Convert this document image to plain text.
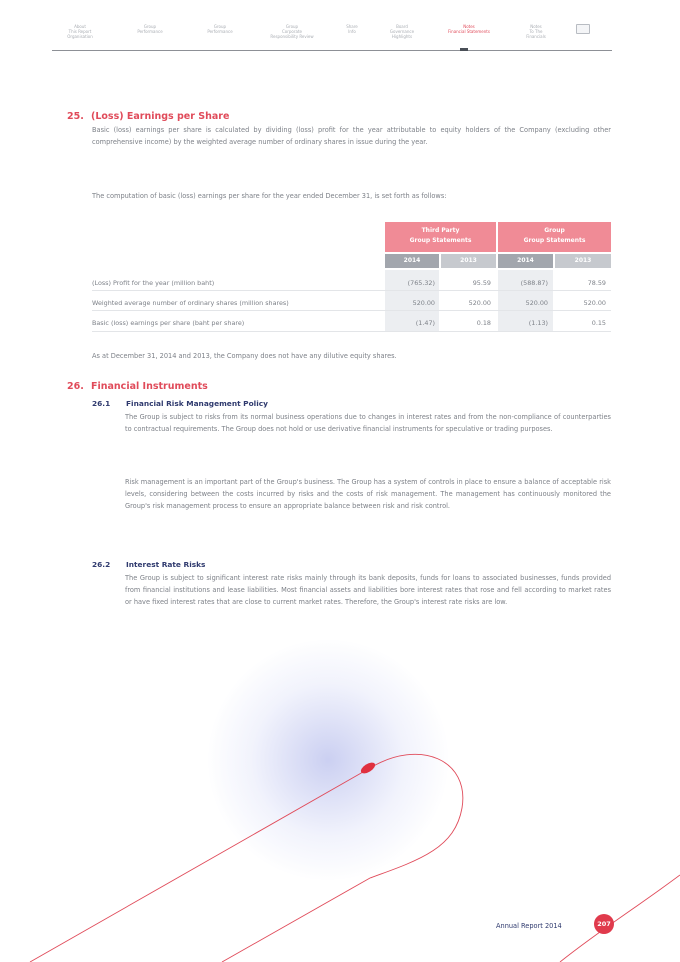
About
This Report
Organisation
Group
Performance
Group
Performance
Group
Corporate
Responsibility Review
Share
Info
Board
Governance
Highlights
Notes
Financial Statements
Notes
To The
Financials
25. (Loss) Earnings per Share
Basic (loss) earnings per share is calculated by dividing (loss) profit for the year attributable to equity holders of the Company (excluding other comprehensive income) by the weighted average number of ordinary shares in issue during the year.
The computation of basic (loss) earnings per share for the year ended December 31, is set forth as follows:
Third Party
Group Statements
Group
Group Statements
2014	2013	2014	2013
(Loss) Profit for the year (million baht)	(765.32)	95.59	(588.87)	78.59
Weighted average number of ordinary shares (million shares)	520.00	520.00	520.00	520.00
Basic (loss) earnings per share (baht per share)	(1.47)	0.18	(1.13)	0.15
As at December 31, 2014 and 2013, the Company does not have any dilutive equity shares.
26. Financial Instruments
26.1 Financial Risk Management Policy
The Group is subject to risks from its normal business operations due to changes in interest rates and from the non-compliance of counterparties to contractual requirements. The Group does not hold or use derivative financial instruments for speculative or trading purposes.
Risk management is an important part of the Group's business. The Group has a system of controls in place to ensure a balance of acceptable risk levels, considering between the costs incurred by risks and the costs of risk management. The management has continuously monitored the Group's risk management process to ensure an appropriate balance between risk and risk control.
26.2 Interest Rate Risks
The Group is subject to significant interest rate risks mainly through its bank deposits, funds for loans to associated businesses, funds provided from financial institutions and lease liabilities. Most financial assets and liabilities bore interest rates that rose and fell according to market rates or have fixed interest rates that are close to current market rates. Therefore, the Group's interest rate risks are low.
Annual Report 2014	207
